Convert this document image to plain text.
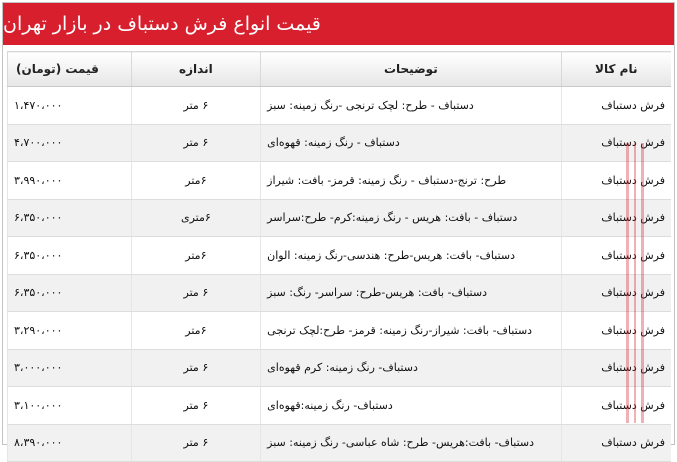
قیمت انواع فرش دستباف در بازار تهران
نام کالا	توضیحات	اندازه	قیمت (تومان)
فرش دستباف	دستباف - طرح: لچک ترنجی -رنگ زمینه: سبز	۶ متر	۱،۴۷۰،۰۰۰
فرش دستباف	دستباف - رنگ زمینه: قهوه‌ای	۶ متر	۴،۷۰۰،۰۰۰
فرش دستباف	طرح: ترنج-دستباف - رنگ زمینه: قرمز- بافت: شیراز	۶متر	۳،۹۹۰،۰۰۰
فرش دستباف	دستباف - بافت: هریس - رنگ زمینه:کرم- طرح:سراسر	۶متری	۶،۳۵۰،۰۰۰
فرش دستباف	دستباف- بافت: هریس-طرح: هندسی-رنگ زمینه: الوان	۶متر	۶،۳۵۰،۰۰۰
فرش دستباف	دستباف- بافت: هریس-طرح: سراسر- رنگ: سبز	۶ متر	۶،۳۵۰،۰۰۰
فرش دستباف	دستباف- بافت: شیراز-رنگ زمینه: قرمز- طرح:لچک ترنجی	۶متر	۳،۲۹۰،۰۰۰
فرش دستباف	دستباف- رنگ زمینه: کرم قهوه‌ای	۶ متر	۳،۰۰۰،۰۰۰
فرش دستباف	دستباف- رنگ زمینه:قهوه‌ای	۶ متر	۳،۱۰۰،۰۰۰
فرش دستباف	دستباف- بافت:هریس- طرح: شاه عباسی- رنگ زمینه: سبز	۶ متر	۸،۳۹۰،۰۰۰
